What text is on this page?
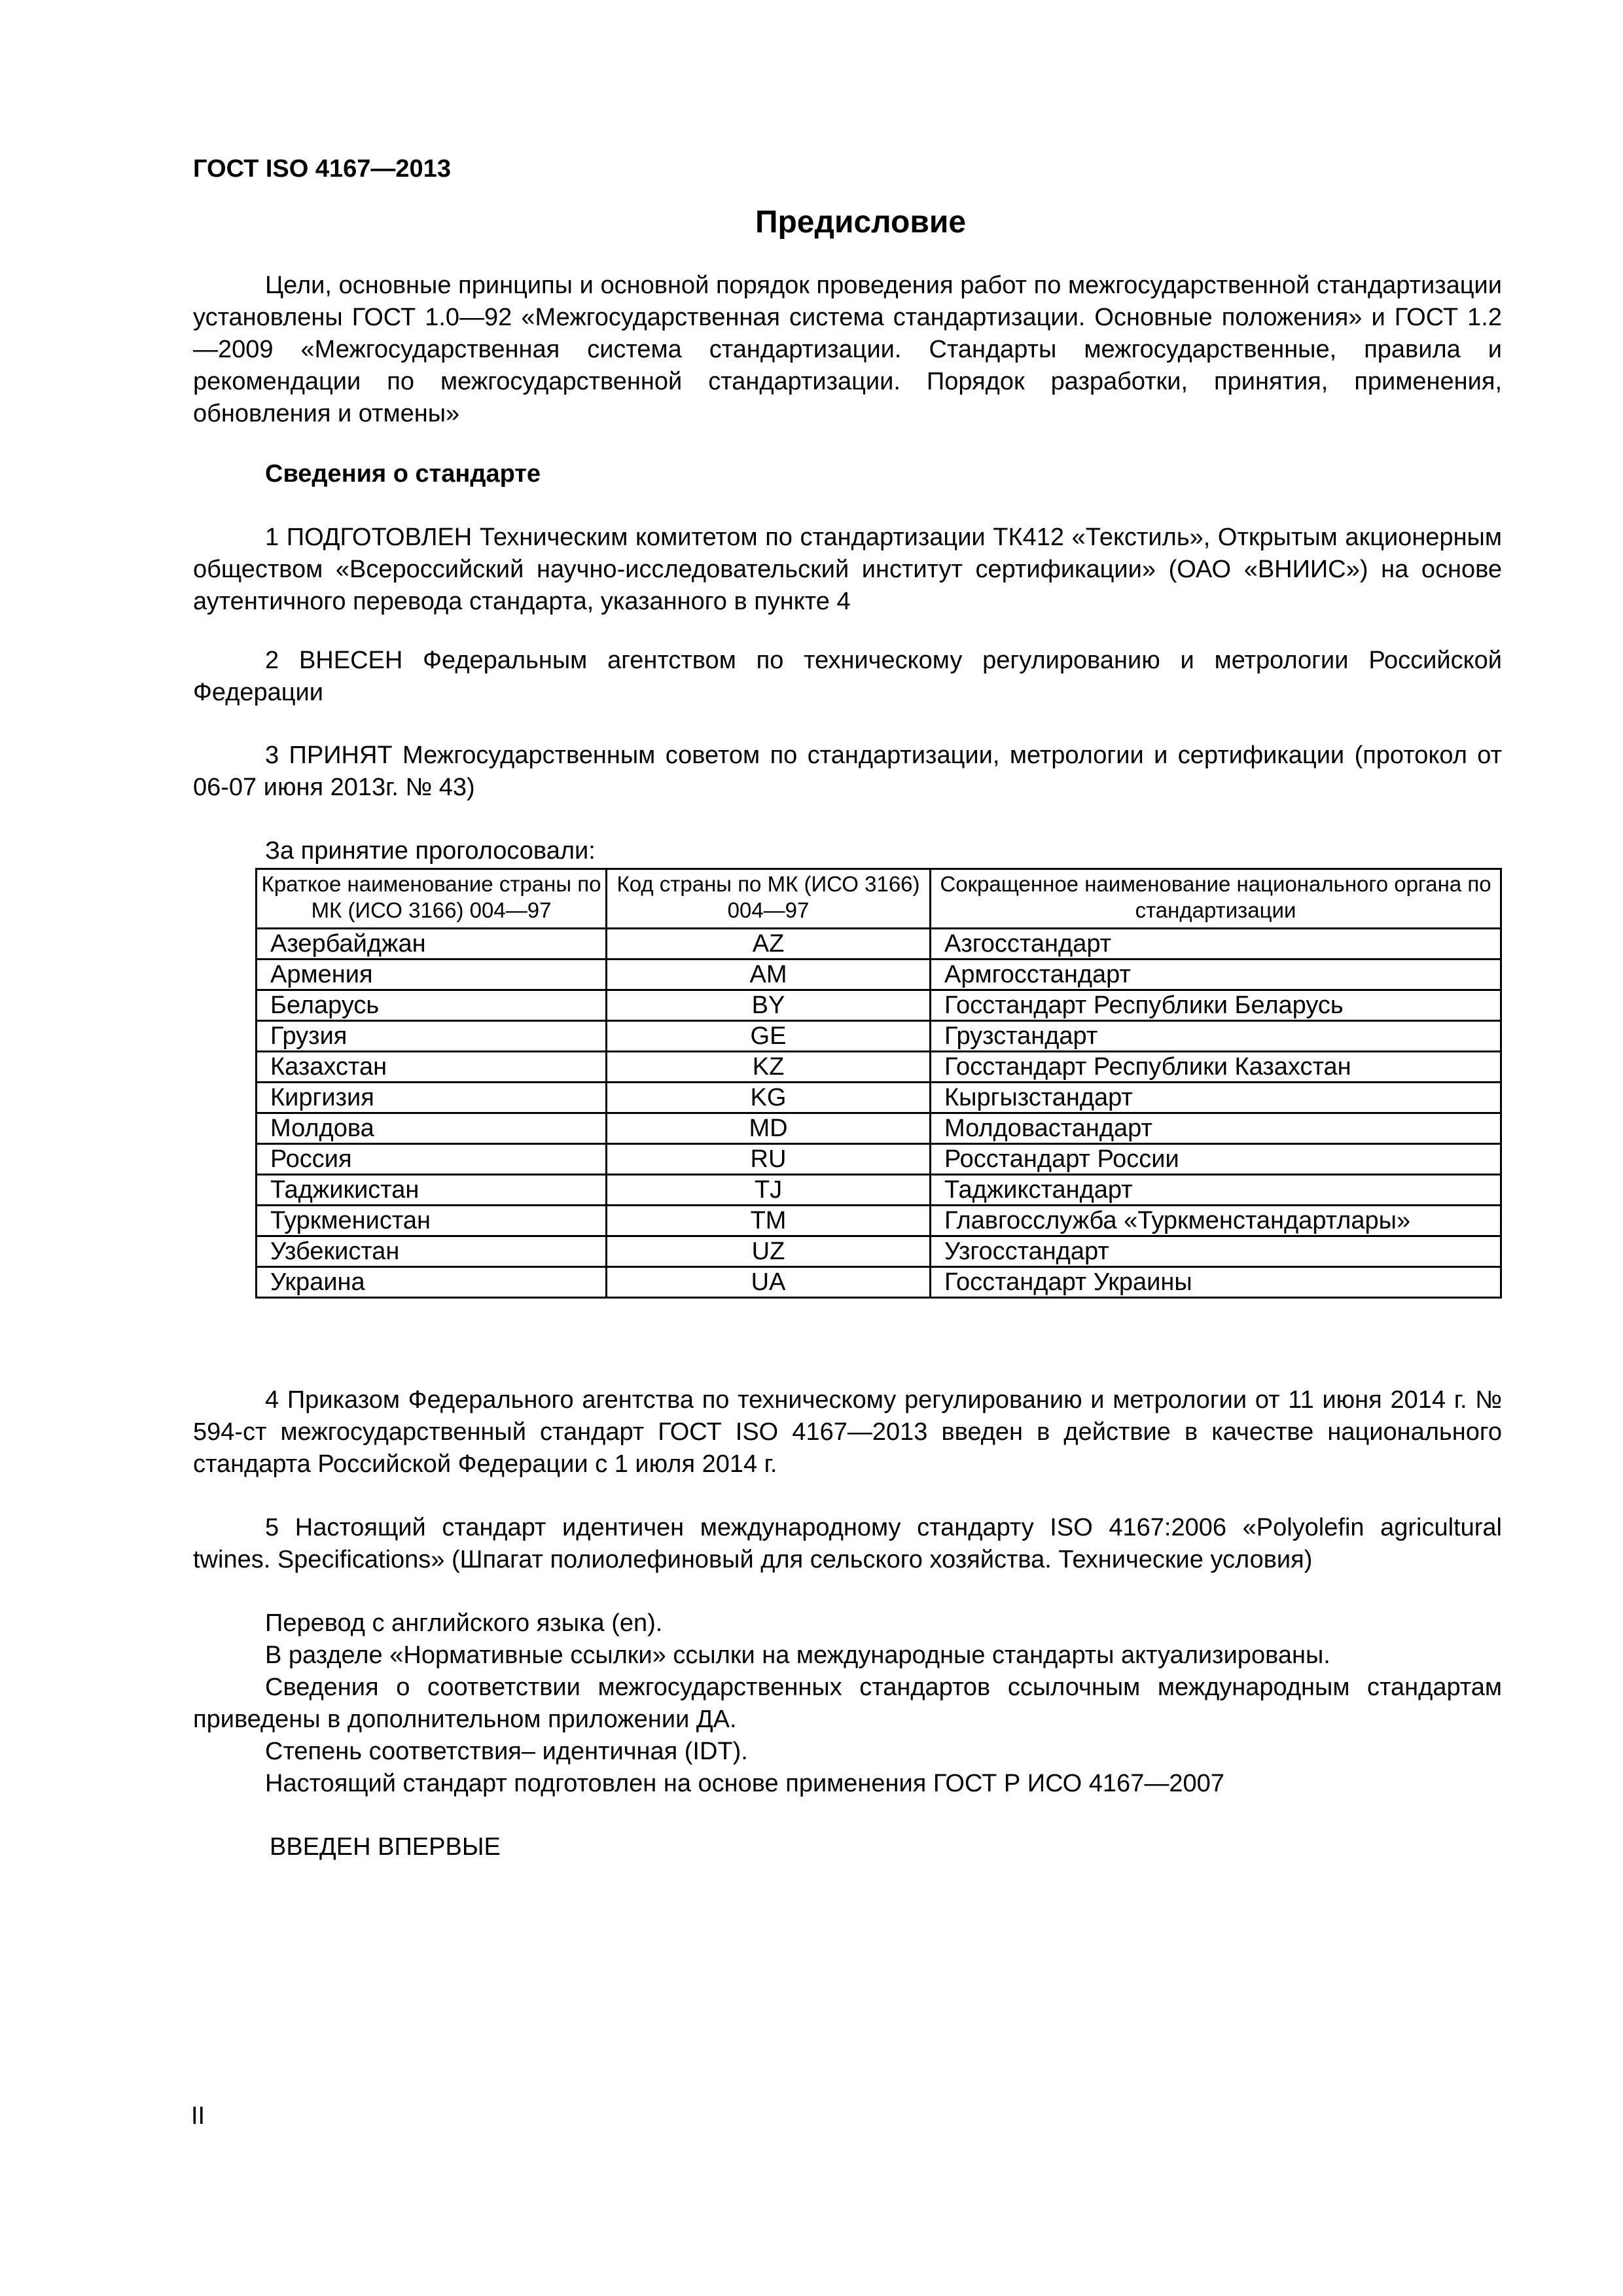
ГОСТ ISO 4167—2013
Предисловие
Цели, основные принципы и основной порядок проведения работ по межгосударственной стандартизации установлены ГОСТ 1.0—92 «Межгосударственная система стандартизации. Основные положения» и ГОСТ 1.2—2009 «Межгосударственная система стандартизации. Стандарты межгосударственные, правила и рекомендации по межгосударственной стандартизации. Порядок разработки, принятия, применения, обновления и отмены»
Сведения о стандарте
1 ПОДГОТОВЛЕН Техническим комитетом по стандартизации ТК412 «Текстиль», Открытым акционерным обществом «Всероссийский научно-исследовательский институт сертификации» (ОАО «ВНИИС») на основе аутентичного перевода стандарта, указанного в пункте 4
2 ВНЕСЕН Федеральным агентством по техническому регулированию и метрологии Российской Федерации
3 ПРИНЯТ Межгосударственным советом по стандартизации, метрологии и сертификации (протокол от 06-07 июня 2013г. № 43)
За принятие проголосовали:
Краткое наименование страны по МК (ИСО 3166) 004—97	Код страны по МК (ИСО 3166) 004—97	Сокращенное наименование национального органа по стандартизации
Азербайджан	AZ	Азгосстандарт
Армения	AM	Армгосстандарт
Беларусь	BY	Госстандарт Республики Беларусь
Грузия	GE	Грузстандарт
Казахстан	KZ	Госстандарт Республики Казахстан
Киргизия	KG	Кыргызстандарт
Молдова	MD	Молдовастандарт
Россия	RU	Росстандарт России
Таджикистан	TJ	Таджикстандарт
Туркменистан	TM	Главгосслужба «Туркменстандартлары»
Узбекистан	UZ	Узгосстандарт
Украина	UA	Госстандарт Украины
4 Приказом Федерального агентства по техническому регулированию и метрологии от 11 июня 2014 г. № 594-ст межгосударственный стандарт ГОСТ ISO 4167—2013 введен в действие в качестве национального стандарта Российской Федерации с 1 июля 2014 г.
5 Настоящий стандарт идентичен международному стандарту ISO 4167:2006 «Polyolefin agricultural twines. Specifications» (Шпагат полиолефиновый для сельского хозяйства. Технические условия)
Перевод с английского языка (en).
В разделе «Нормативные ссылки» ссылки на международные стандарты актуализированы.
Сведения о соответствии межгосударственных стандартов ссылочным международным стандартам приведены в дополнительном приложении ДА.
Степень соответствия– идентичная (IDT).
Настоящий стандарт подготовлен на основе применения ГОСТ Р ИСО 4167—2007
ВВЕДЕН ВПЕРВЫЕ
II
